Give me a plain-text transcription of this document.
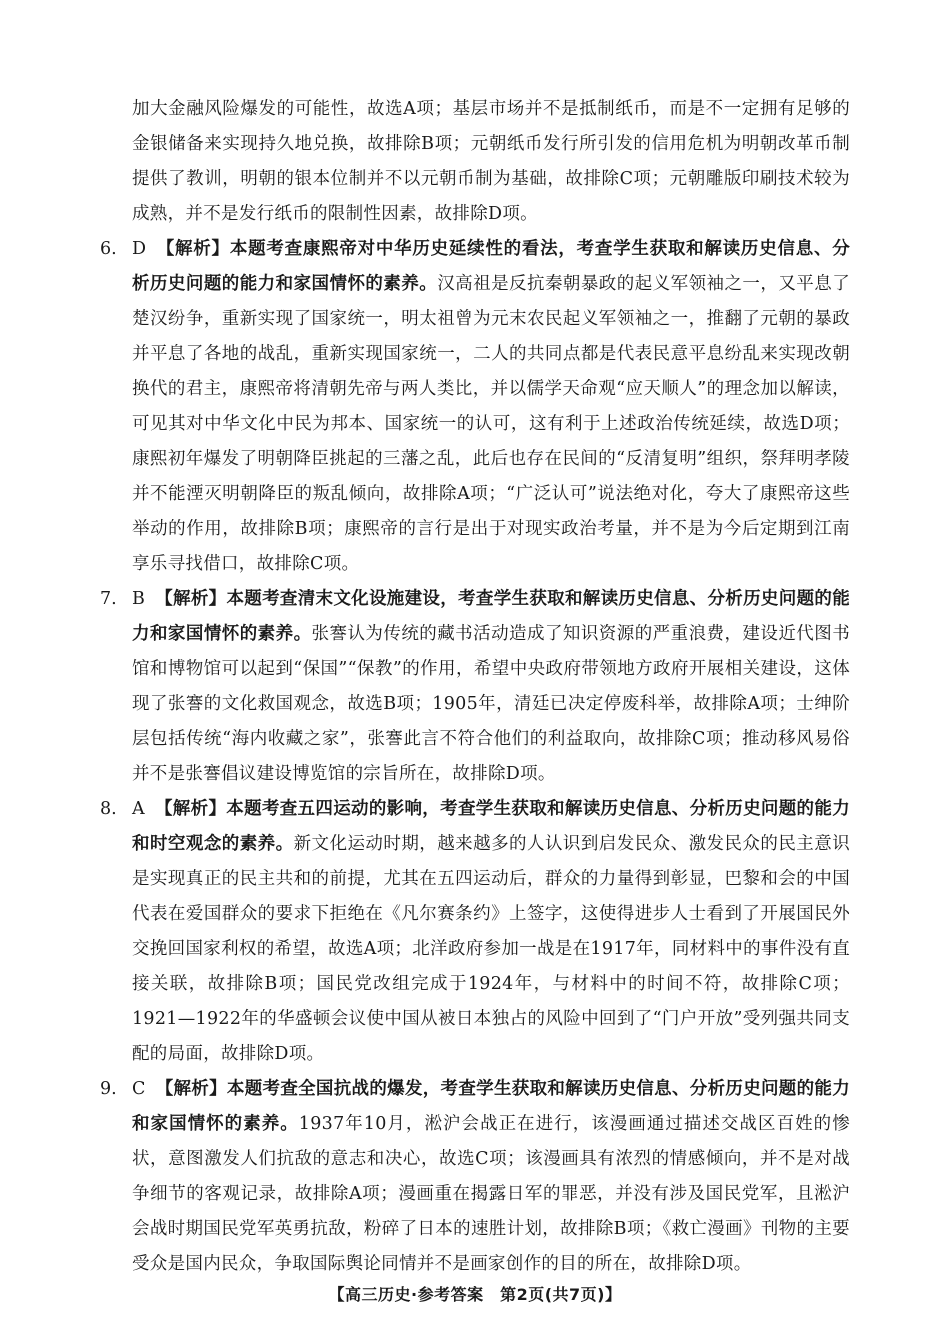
加大金融风险爆发的可能性，故选A项；基层市场并不是抵制纸币，而是不一定拥有足够的金银储备来实现持久地兑换，故排除B项；元朝纸币发行所引发的信用危机为明朝改革币制提供了教训，明朝的银本位制并不以元朝币制为基础，故排除C项；元朝雕版印刷技术较为成熟，并不是发行纸币的限制性因素，故排除D项。

6. D 【解析】本题考查康熙帝对中华历史延续性的看法，考查学生获取和解读历史信息、分析历史问题的能力和家国情怀的素养。汉高祖是反抗秦朝暴政的起义军领袖之一，又平息了楚汉纷争，重新实现了国家统一，明太祖曾为元末农民起义军领袖之一，推翻了元朝的暴政并平息了各地的战乱，重新实现国家统一，二人的共同点都是代表民意平息纷乱来实现改朝换代的君主，康熙帝将清朝先帝与两人类比，并以儒学天命观“应天顺人”的理念加以解读，可见其对中华文化中民为邦本、国家统一的认可，这有利于上述政治传统延续，故选D项；康熙初年爆发了明朝降臣挑起的三藩之乱，此后也存在民间的“反清复明”组织，祭拜明孝陵并不能湮灭明朝降臣的叛乱倾向，故排除A项；“广泛认可”说法绝对化，夸大了康熙帝这些举动的作用，故排除B项；康熙帝的言行是出于对现实政治考量，并不是为今后定期到江南享乐寻找借口，故排除C项。

7. B 【解析】本题考查清末文化设施建设，考查学生获取和解读历史信息、分析历史问题的能力和家国情怀的素养。张謇认为传统的藏书活动造成了知识资源的严重浪费，建设近代图书馆和博物馆可以起到“保国”“保教”的作用，希望中央政府带领地方政府开展相关建设，这体现了张謇的文化救国观念，故选B项；1905年，清廷已决定停废科举，故排除A项；士绅阶层包括传统“海内收藏之家”，张謇此言不符合他们的利益取向，故排除C项；推动移风易俗并不是张謇倡议建设博览馆的宗旨所在，故排除D项。

8. A 【解析】本题考查五四运动的影响，考查学生获取和解读历史信息、分析历史问题的能力和时空观念的素养。新文化运动时期，越来越多的人认识到启发民众、激发民众的民主意识是实现真正的民主共和的前提，尤其在五四运动后，群众的力量得到彰显，巴黎和会的中国代表在爱国群众的要求下拒绝在《凡尔赛条约》上签字，这使得进步人士看到了开展国民外交挽回国家利权的希望，故选A项；北洋政府参加一战是在1917年，同材料中的事件没有直接关联，故排除B项；国民党改组完成于1924年，与材料中的时间不符，故排除C项；1921—1922年的华盛顿会议使中国从被日本独占的风险中回到了“门户开放”受列强共同支配的局面，故排除D项。

9. C 【解析】本题考查全国抗战的爆发，考查学生获取和解读历史信息、分析历史问题的能力和家国情怀的素养。1937年10月，淞沪会战正在进行，该漫画通过描述交战区百姓的惨状，意图激发人们抗敌的意志和决心，故选C项；该漫画具有浓烈的情感倾向，并不是对战争细节的客观记录，故排除A项；漫画重在揭露日军的罪恶，并没有涉及国民党军，且淞沪会战时期国民党军英勇抗敌，粉碎了日本的速胜计划，故排除B项；《救亡漫画》刊物的主要受众是国内民众，争取国际舆论同情并不是画家创作的目的所在，故排除D项。

【高三历史·参考答案　第2页(共7页)】
